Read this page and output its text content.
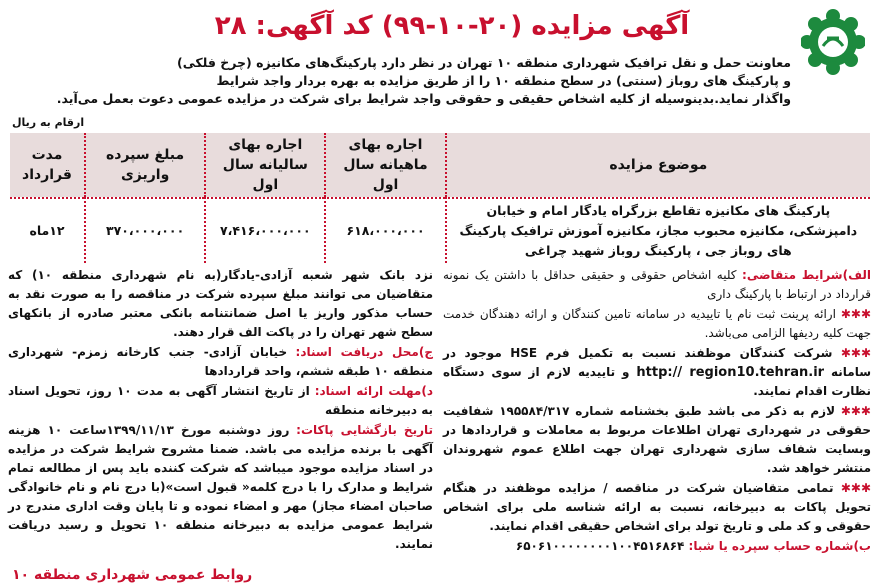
آگهی مزایده (۲۰-۱۰-۹۹) کد آگهی: ۲۸

معاونت حمل و نقل ترافیک شهرداری منطقه ۱۰ تهران در نظر دارد پارکینگ‌های مکانیزه (چرخ فلکی)

و پارکینگ های روباز (سنتی) در سطح منطقه ۱۰ را از طریق مزایده به بهره بردار واجد شرایط

واگذار نماید.بدینوسیله از کلیه اشخاص حقیقی و حقوقی واجد شرایط برای شرکت در مزایده عمومی دعوت بعمل می‌آید.

ارقام به ریال
موضوع مزایده	اجاره بهای ماهیانه سال اول	اجاره بهای سالیانه سال اول	مبلغ سپرده واریزی	مدت قرارداد
پارکینگ های مکانیزه تقاطع بزرگراه یادگار امام و خیابان دامپزشکی، مکانیزه محبوب مجاز، مکانیزه آموزش ترافیک پارکینگ های روباز جی ، پارکینگ روباز شهید چراغی	۶۱۸،۰۰۰،۰۰۰	۷،۴۱۶،۰۰۰،۰۰۰	۳۷۰،۰۰۰،۰۰۰	۱۲ماه

الف)شرایط متقاضی: کلیه اشخاص حقوقی و حقیقی حداقل با داشتن یک نمونه قرارداد در ارتباط با پارکینگ داری

✱✱✱ ارائه پرینت ثبت نام یا تاییدیه در سامانه تامین کنندگان و ارائه دهندگان خدمت جهت کلیه ردیفها الزامی می‌باشد.

✱✱✱ شرکت کنندگان موظفند نسبت به تکمیل فرم HSE موجود در سامانه http:// region10.tehran.ir و تاییدیه لازم از سوی دستگاه نظارت اقدام نمایند.

✱✱✱ لازم به ذکر می باشد طبق بخشنامه شماره ۱۹۵۵۸۴/۳۱۷ شفافیت حقوقی در شهرداری تهران اطلاعات مربوط به معاملات و قراردادها در وبسایت شفاف سازی شهرداری تهران جهت اطلاع عموم شهروندان منتشر خواهد شد.

✱✱✱ تمامی متقاضیان شرکت در مناقصه / مزایده موظفند در هنگام تحویل پاکات به دبیرخانه، نسبت به ارائه شناسه ملی برای اشخاص حقوقی و کد ملی و تاریخ تولد برای اشخاص حقیقی اقدام نمایند.

ب)شماره حساب سپرده یا شبا: ۶۵۰۶۱۰۰۰۰۰۰۰۰۱۰۰۴۵۱۶۸۶۴

نزد بانک شهر شعبه آزادی-یادگار(به نام شهرداری منطقه ۱۰) که متقاضیان می توانند مبلغ سپرده شرکت در مناقصه را به صورت نقد به حساب مذکور واریز یا اصل ضمانتنامه بانکی معتبر صادره از بانکهای سطح شهر تهران را در پاکت الف قرار دهند.

ج)محل دریافت اسناد: خیابان آزادی- جنب کارخانه زمزم- شهرداری منطقه ۱۰ طبقه ششم، واحد قراردادها

د)مهلت ارائه اسناد: از تاریخ انتشار آگهی به مدت ۱۰ روز، تحویل اسناد به دبیرخانه منطقه

تاریخ بازگشایی پاکات: روز دوشنبه مورخ ۱۳۹۹/۱۱/۱۳ساعت ۱۰ هزینه آگهی با برنده مزایده می باشد. ضمنا مشروح شرایط شرکت در مزایده در اسناد مزایده موجود میباشد که شرکت کننده باید پس از مطالعه تمام شرایط و مدارک را با درج کلمه« قبول است»(با درج نام و نام خانوادگی صاحبان امضاء مجاز) مهر و امضاء نموده و تا پایان وقت اداری مندرج در شرایط عمومی مزایده به دبیرخانه منطقه ۱۰ تحویل و رسید دریافت نمایند.

روابط عمومی شهرداری منطقه ۱۰
